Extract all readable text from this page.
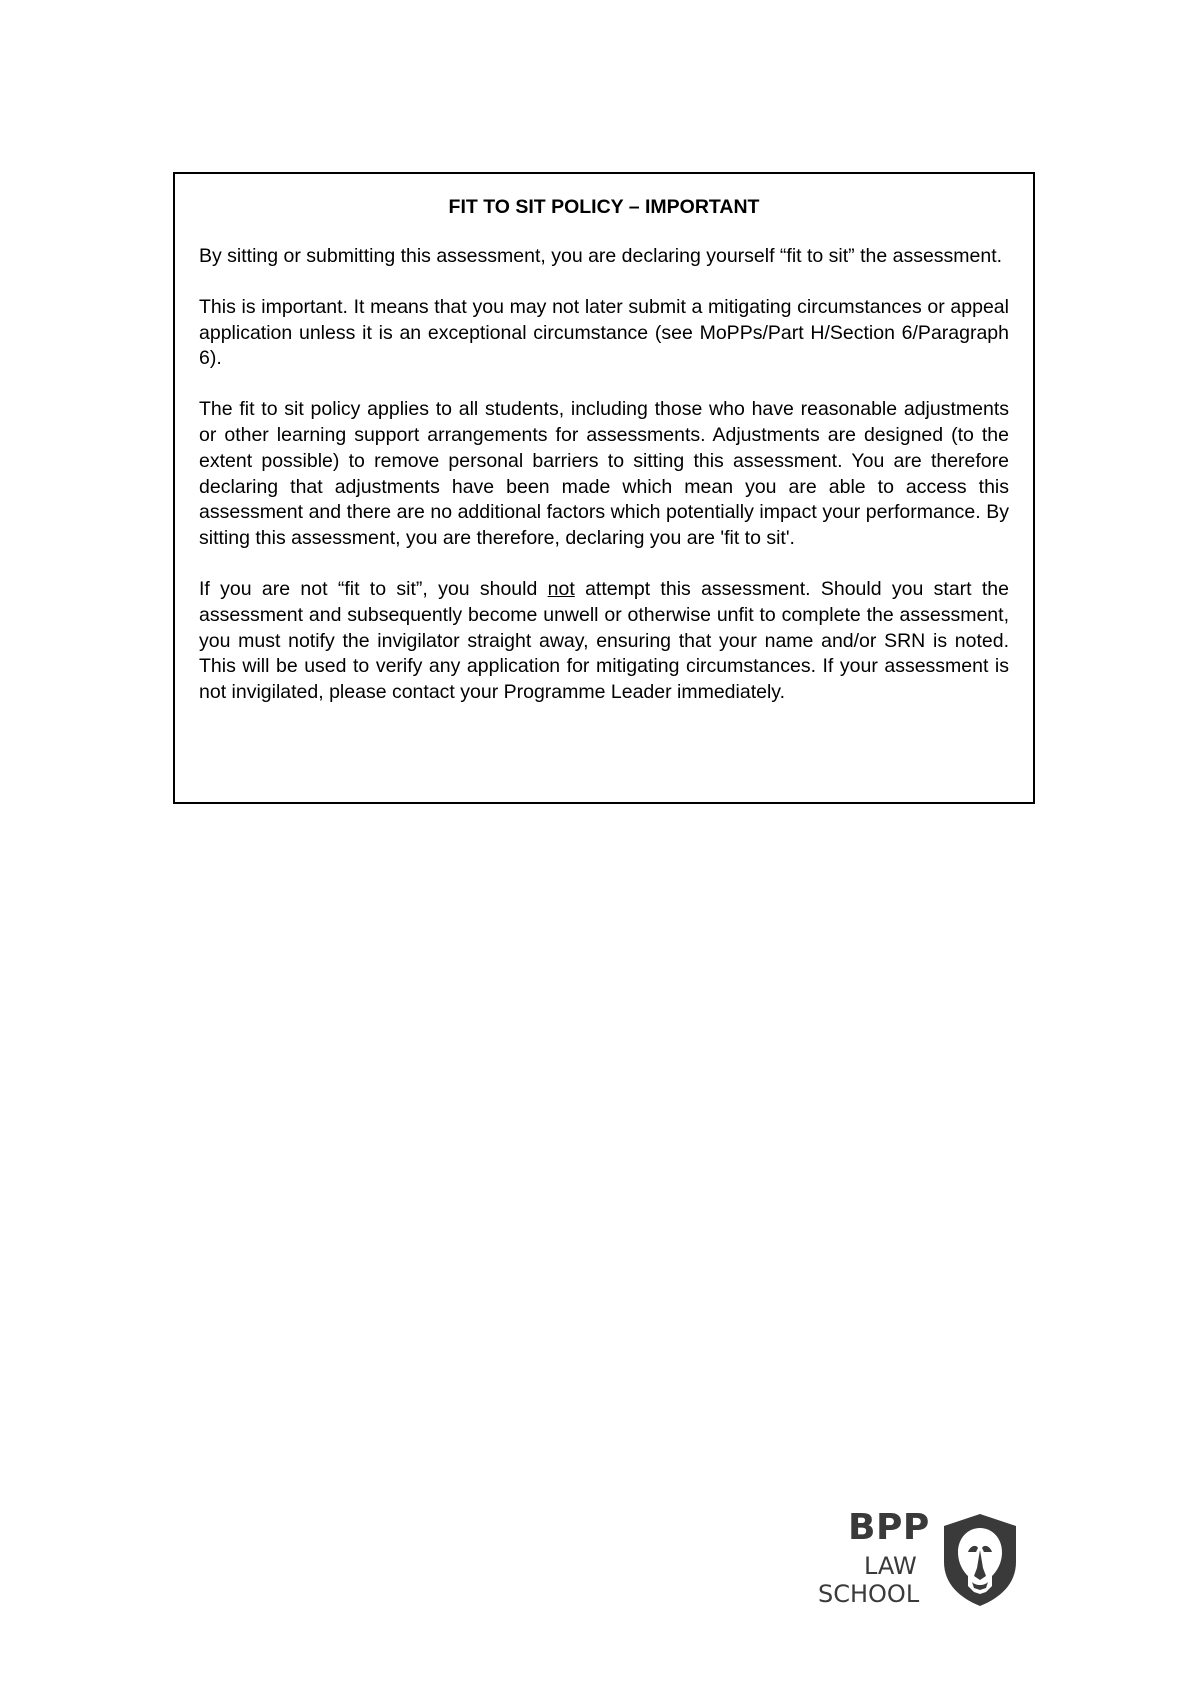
FIT TO SIT POLICY – IMPORTANT

By sitting or submitting this assessment, you are declaring yourself “fit to sit” the assessment.

This is important. It means that you may not later submit a mitigating circumstances or appeal application unless it is an exceptional circumstance (see MoPPs/Part H/Section 6/Paragraph 6).

The fit to sit policy applies to all students, including those who have reasonable adjustments or other learning support arrangements for assessments. Adjustments are designed (to the extent possible) to remove personal barriers to sitting this assessment. You are therefore declaring that adjustments have been made which mean you are able to access this assessment and there are no additional factors which potentially impact your performance. By sitting this assessment, you are therefore, declaring you are 'fit to sit'.

If you are not “fit to sit”, you should not attempt this assessment. Should you start the assessment and subsequently become unwell or otherwise unfit to complete the assessment, you must notify the invigilator straight away, ensuring that your name and/or SRN is noted. This will be used to verify any application for mitigating circumstances. If your assessment is not invigilated, please contact your Programme Leader immediately.

BPP
LAW
SCHOOL
